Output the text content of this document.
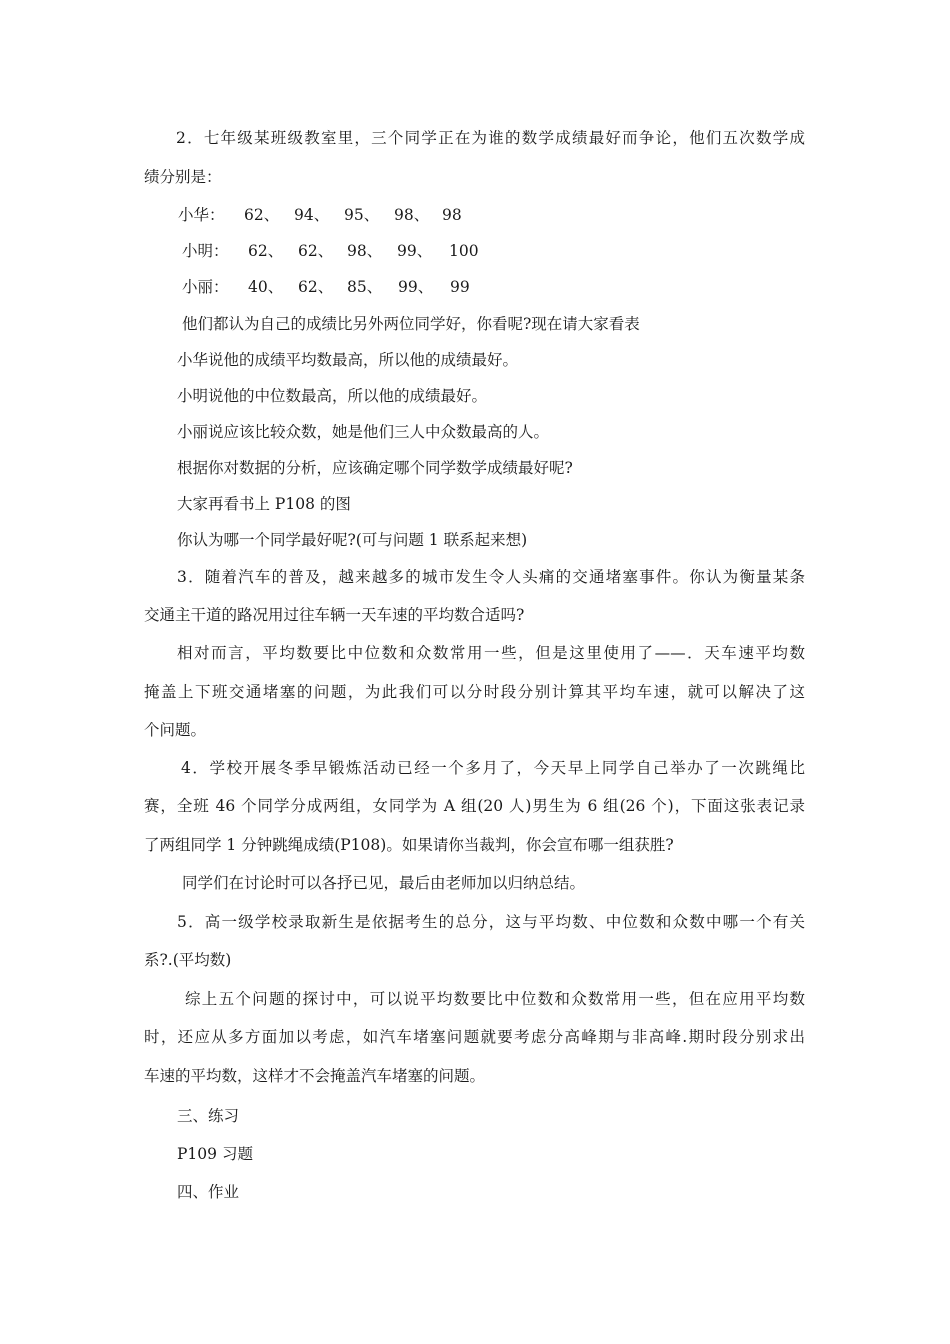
2．七年级某班级教室里，三个同学正在为谁的数学成绩最好而争论，他们五次数学成
绩分别是：
小华：	62、 94、 95、 98、 98
小明：	62、 62、 98、 99、	100
小丽：	40、 62、 85、	99、	99
他们都认为自己的成绩比另外两位同学好，你看呢?现在请大家看表
小华说他的成绩平均数最高，所以他的成绩最好。
小明说他的中位数最高，所以他的成绩最好。
小丽说应该比较众数，她是他们三人中众数最高的人。
根据你对数据的分析，应该确定哪个同学数学成绩最好呢?
大家再看书上 P108 的图
你认为哪一个同学最好呢?(可与问题 1 联系起来想)
3．随着汽车的普及，越来越多的城市发生令人头痛的交通堵塞事件。你认为衡量某条
交通主干道的路况用过往车辆一天车速的平均数合适吗?
相对而言，平均数要比中位数和众数常用一些，但是这里使用了——．天车速平均数
掩盖上下班交通堵塞的问题，为此我们可以分时段分别计算其平均车速，就可以解决了这
个问题。
4．学校开展冬季早锻炼活动已经一个多月了，今天早上同学自己举办了一次跳绳比
赛，全班 46 个同学分成两组，女同学为 A 组(20 人)男生为 6 组(26 个)，下面这张表记录
了两组同学 1 分钟跳绳成绩(P108)。如果请你当裁判，你会宣布哪一组获胜?
同学们在讨论时可以各抒已见，最后由老师加以归纳总结。
5．高一级学校录取新生是依据考生的总分，这与平均数、中位数和众数中哪一个有关
系?.(平均数)
综上五个问题的探讨中，可以说平均数要比中位数和众数常用一些，但在应用平均数
时，还应从多方面加以考虑，如汽车堵塞问题就要考虑分高峰期与非高峰.期时段分别求出
车速的平均数，这样才不会掩盖汽车堵塞的问题。
三、练习
P109 习题
四、作业
